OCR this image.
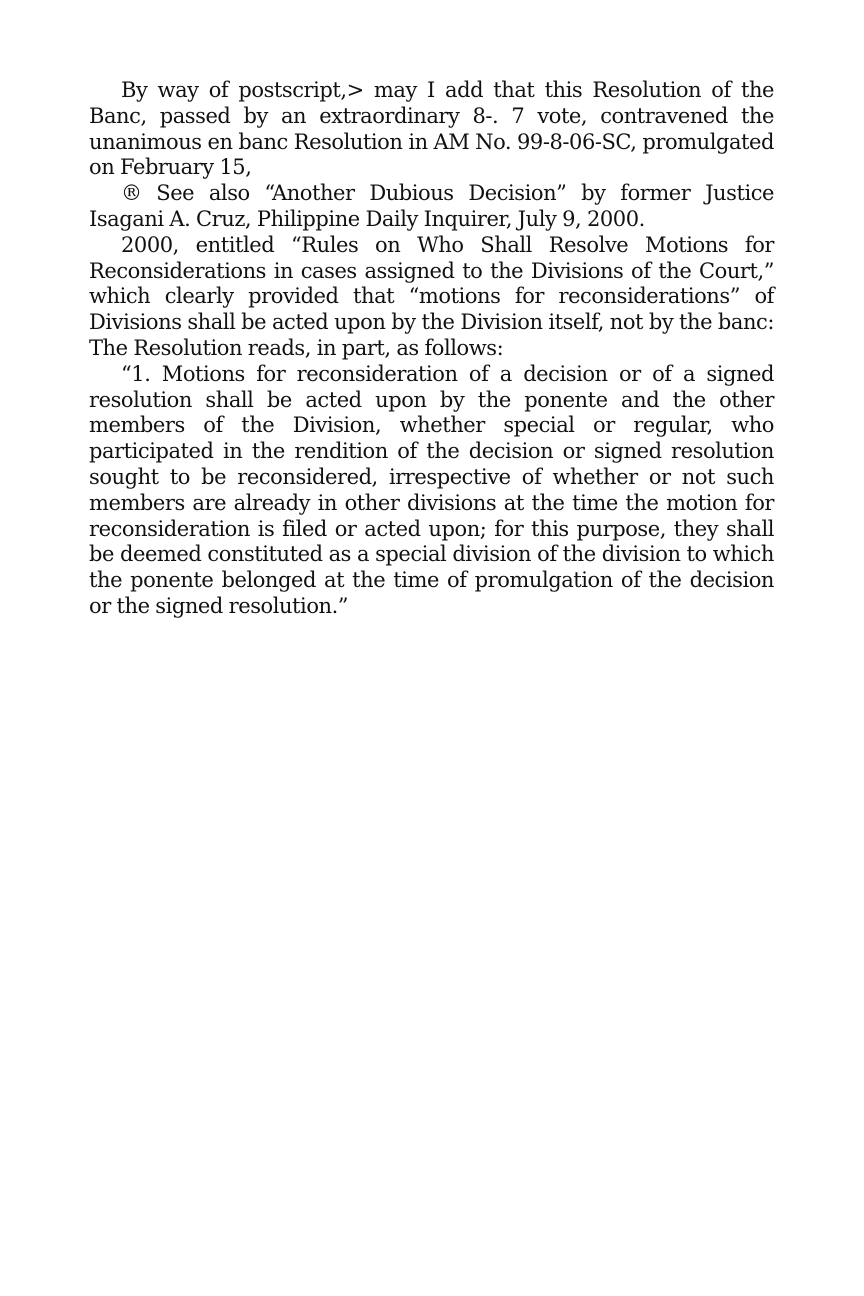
By way of postscript,> may I add that this Resolution of the Banc, passed by an extraordinary 8-. 7 vote, contravened the unanimous en banc Resolution in AM No. 99-8-06-SC, promulgated on February 15,

® See also “Another Dubious Decision” by former Justice Isagani A. Cruz, Philippine Daily Inquirer, July 9, 2000.

2000, entitled “Rules on Who Shall Resolve Motions for Reconsiderations in cases assigned to the Divisions of the Court,” which clearly provided that “motions for reconsiderations” of Divisions shall be acted upon by the Division itself, not by the banc: The Resolution reads, in part, as follows:

“1. Motions for reconsideration of a decision or of a signed resolution shall be acted upon by the ponente and the other members of the Division, whether special or regular, who participated in the rendition of the decision or signed resolution sought to be reconsidered, irrespective of whether or not such members are already in other divisions at the time the motion for reconsideration is filed or acted upon; for this purpose, they shall be deemed constituted as a special division of the division to which the ponente belonged at the time of promulgation of the decision or the signed resolution.”
